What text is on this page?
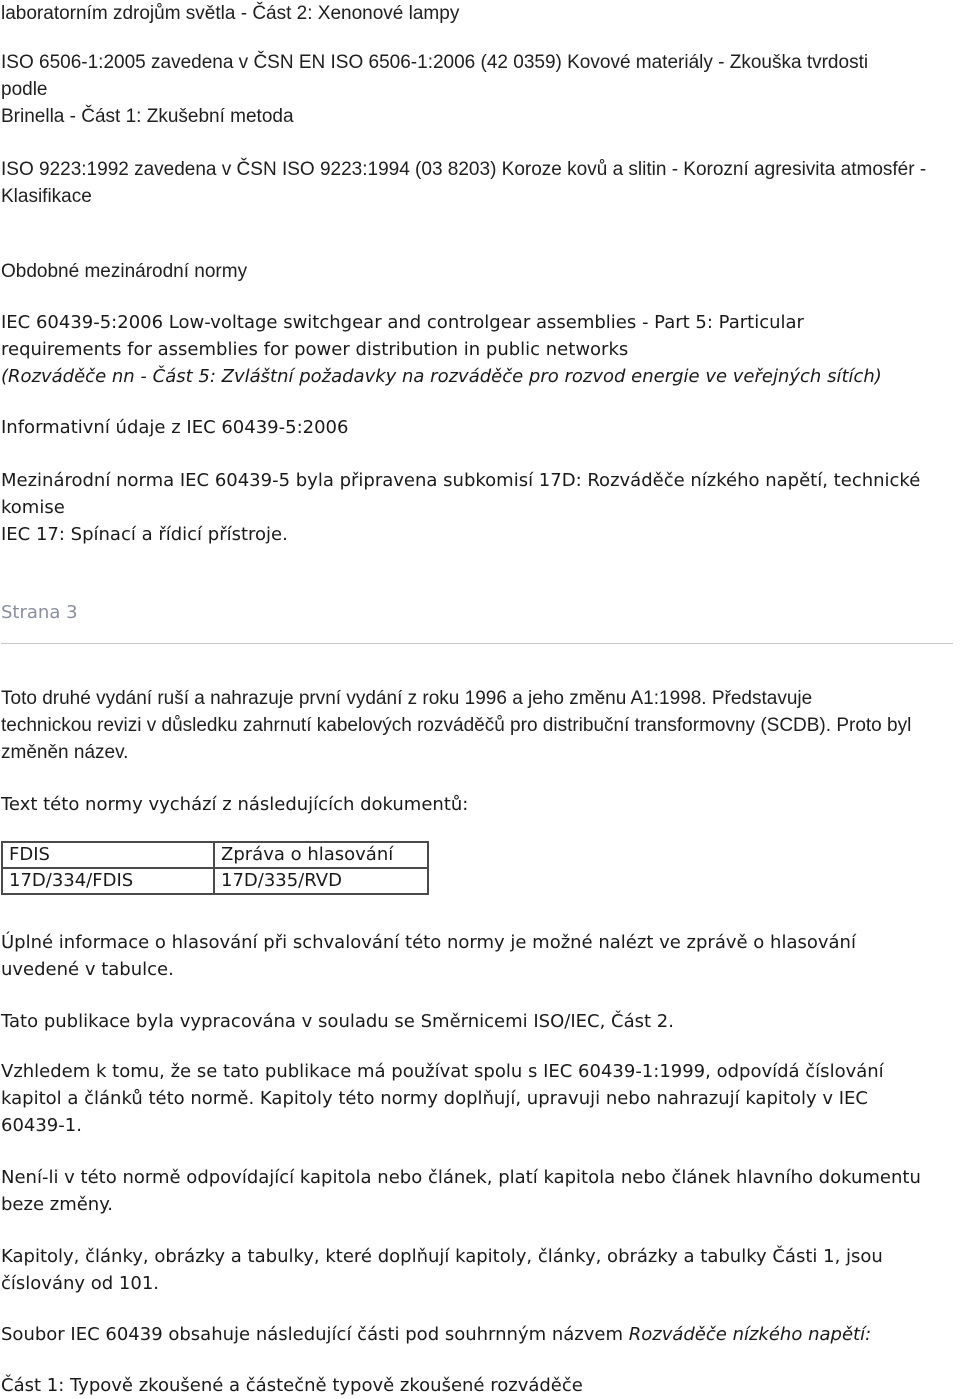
laboratorním zdrojům světla - Část 2: Xenonové lampy

ISO 6506-1:2005 zavedena v ČSN EN ISO 6506-1:2006 (42 0359) Kovové materiály - Zkouška tvrdosti
podle
Brinella - Část 1: Zkušební metoda
ISO 9223:1992 zavedena v ČSN ISO 9223:1994 (03 8203) Koroze kovů a slitin - Korozní agresivita atmosfér -
Klasifikace

Obdobné mezinárodní normy

IEC 60439-5:2006 Low-voltage switchgear and controlgear assemblies - Part 5: Particular
requirements for assemblies for power distribution in public networks
(Rozváděče nn - Část 5: Zvláštní požadavky na rozváděče pro rozvod energie ve veřejných sítích)

Informativní údaje z IEC 60439-5:2006

Mezinárodní norma IEC 60439-5 byla připravena subkomisí 17D: Rozváděče nízkého napětí, technické
komise
IEC 17: Spínací a řídicí přístroje.

Strana 3

Toto druhé vydání ruší a nahrazuje první vydání z roku 1996 a jeho změnu A1:1998. Představuje
technickou revizi v důsledku zahrnutí kabelových rozváděčů pro distribuční transformovny (SCDB). Proto byl
změněn název.

Text této normy vychází z následujících dokumentů:

FDIS	Zpráva o hlasování
17D/334/FDIS	17D/335/RVD
Úplné informace o hlasování při schvalování této normy je možné nalézt ve zprávě o hlasování
uvedené v tabulce.

Tato publikace byla vypracována v souladu se Směrnicemi ISO/IEC, Část 2.

Vzhledem k tomu, že se tato publikace má používat spolu s IEC 60439-1:1999, odpovídá číslování
kapitol a článků této normě. Kapitoly této normy doplňují, upravuji nebo nahrazují kapitoly v IEC
60439-1.
Není-li v této normě odpovídající kapitola nebo článek, platí kapitola nebo článek hlavního dokumentu
beze změny.
Kapitoly, články, obrázky a tabulky, které doplňují kapitoly, články, obrázky a tabulky Části 1, jsou
číslovány od 101.

Soubor IEC 60439 obsahuje následující části pod souhrnným názvem Rozváděče nízkého napětí:

Část 1: Typově zkoušené a částečně typově zkoušené rozváděče
